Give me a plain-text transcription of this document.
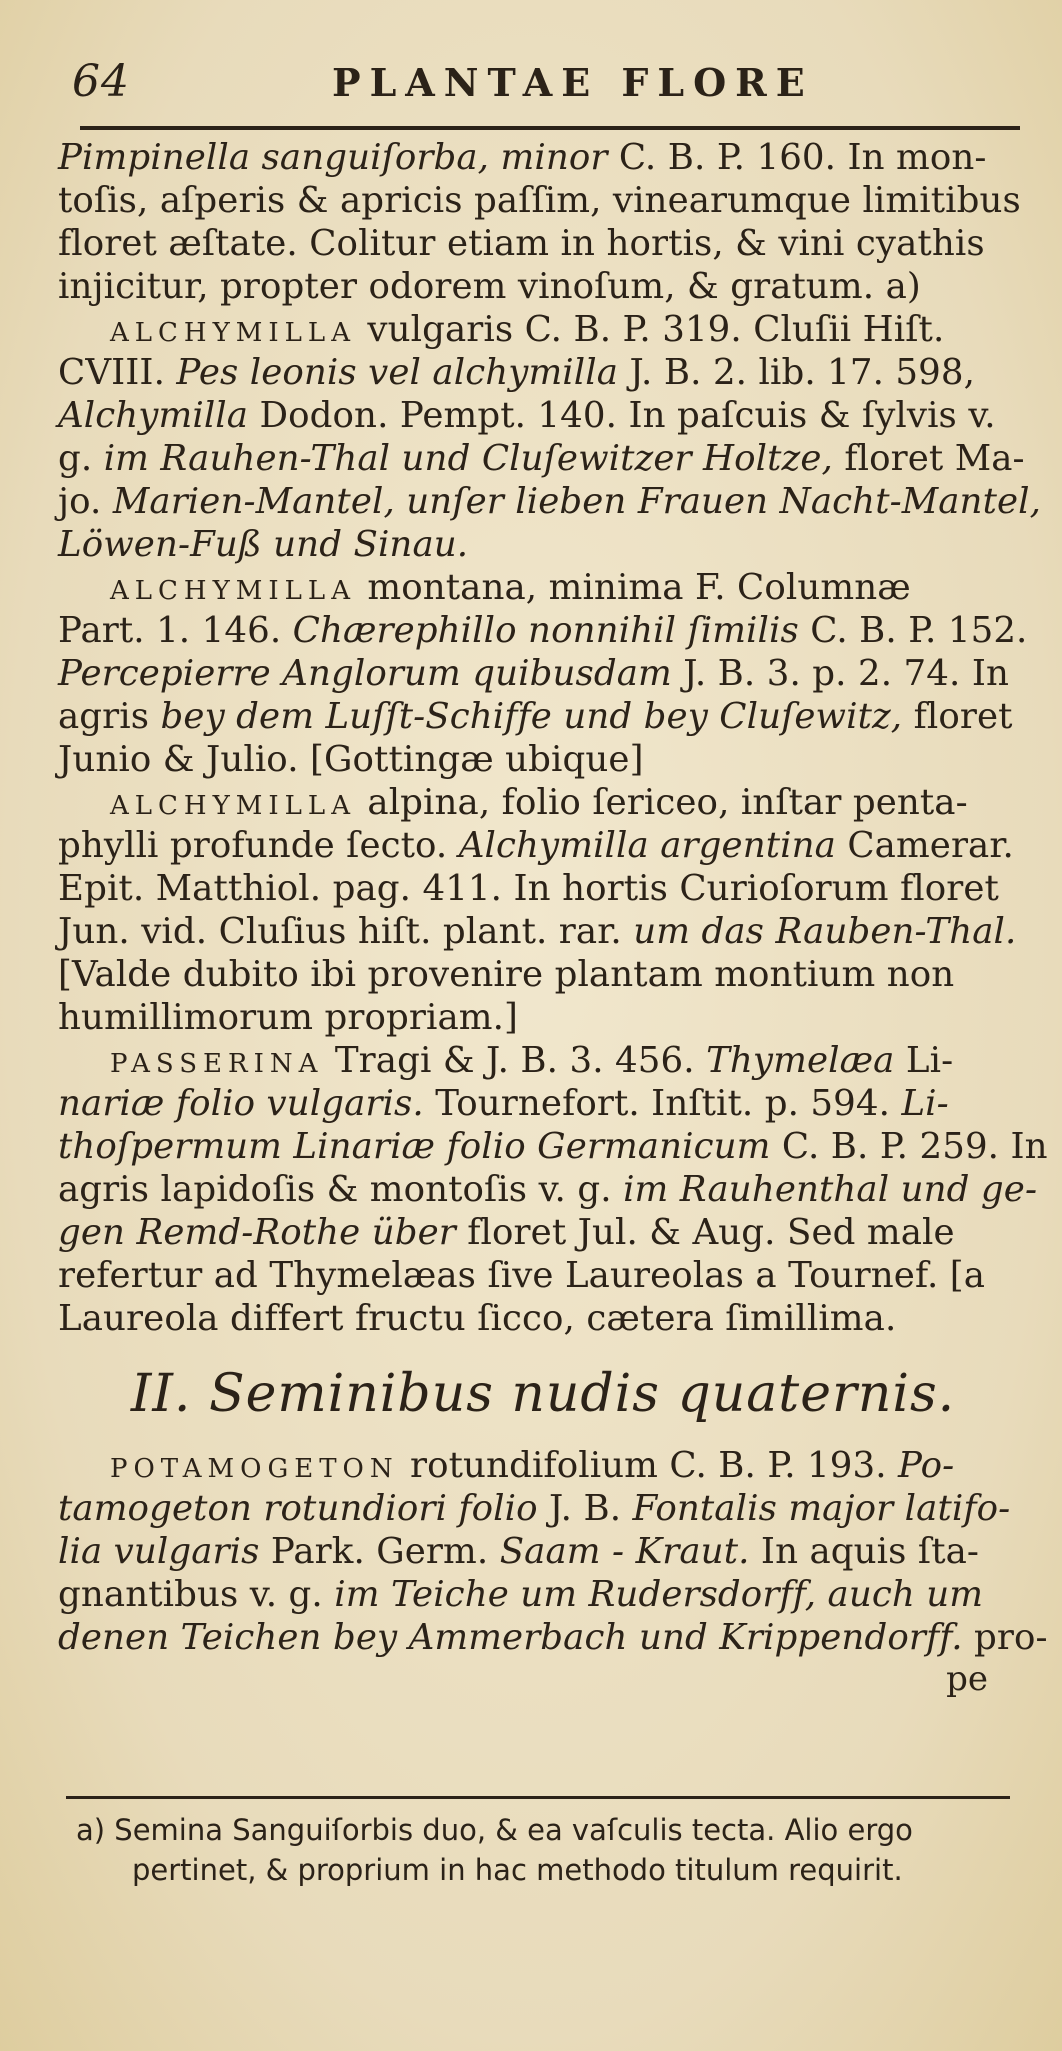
64	PLANTAE FLORE
Pimpinella sanguiſorba, minor C. B. P. 160. In mon-
toſis, aſperis & apricis paſſim, vinearumque limitibus
floret æſtate. Colitur etiam in hortis, & vini cyathis
injicitur, propter odorem vinoſum, & gratum. a)
ALCHYMILLA vulgaris C. B. P. 319. Cluſii Hiſt.
CVIII. Pes leonis vel alchymilla J. B. 2. lib. 17. 598,
Alchymilla Dodon. Pempt. 140. In paſcuis & ſylvis v.
g. im Rauhen-Thal und Cluſewitzer Holtze, floret Ma-
jo. Marien-Mantel, unſer lieben Frauen Nacht-Mantel,
Löwen-Fuß und Sinau.
ALCHYMILLA montana, minima F. Columnæ
Part. 1. 146. Chærephillo nonnihil ſimilis C. B. P. 152.
Percepierre Anglorum quibusdam J. B. 3. p. 2. 74. In
agris bey dem Luſſt-Schiffe und bey Cluſewitz, floret
Junio & Julio. [Gottingæ ubique]
ALCHYMILLA alpina, folio ſericeo, inſtar penta-
phylli profunde ſecto. Alchymilla argentina Camerar.
Epit. Matthiol. pag. 411. In hortis Curioſorum floret
Jun. vid. Cluſius hiſt. plant. rar. um das Rauben-Thal.
[Valde dubito ibi provenire plantam montium non
humillimorum propriam.]
PASSERINA Tragi & J. B. 3. 456. Thymelæa Li-
nariæ folio vulgaris. Tournefort. Inſtit. p. 594. Li-
thoſpermum Linariæ folio Germanicum C. B. P. 259. In
agris lapidoſis & montoſis v. g. im Rauhenthal und ge-
gen Remd-Rothe über floret Jul. & Aug. Sed male
refertur ad Thymelæas ſive Laureolas a Tournef. [a
Laureola differt fructu ſicco, cætera ſimillima.
II. Seminibus nudis quaternis.
POTAMOGETON rotundifolium C. B. P. 193. Po-
tamogeton rotundiori folio J. B. Fontalis major latifo-
lia vulgaris Park. Germ. Saam - Kraut. In aquis ſta-
gnantibus v. g. im Teiche um Rudersdorff, auch um
denen Teichen bey Ammerbach und Krippendorff. pro-
pe
a) Semina Sanguiſorbis duo, & ea vaſculis tecta. Alio ergo
pertinet, & proprium in hac methodo titulum requirit.
